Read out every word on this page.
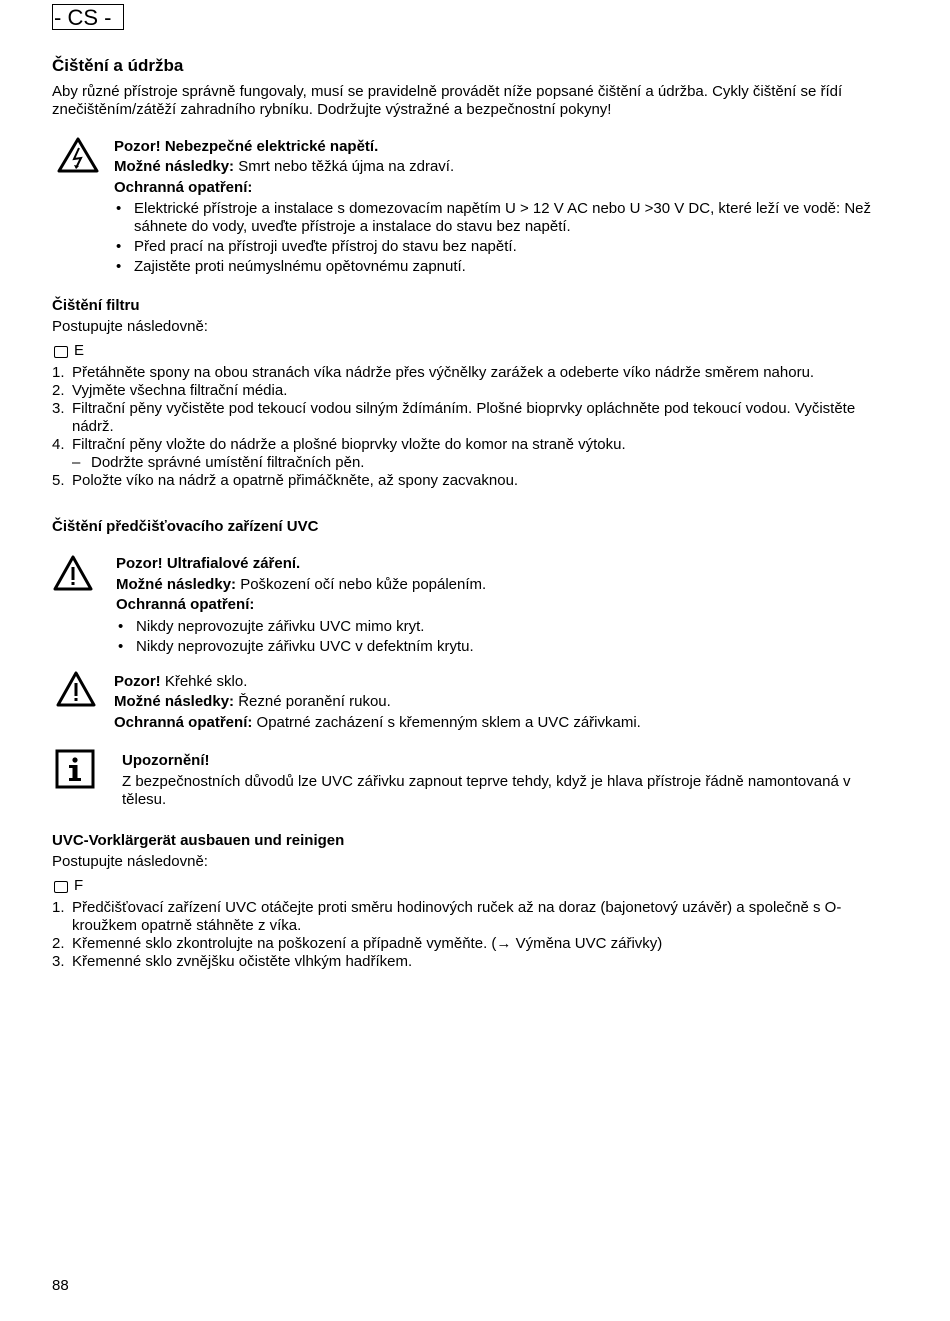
- CS -
Čištění a údržba
Aby různé přístroje správně fungovaly, musí se pravidelně provádět níže popsané čištění a údržba. Cykly čištění se řídí znečištěním/zátěží zahradního rybníku. Dodržujte výstražné a bezpečnostní pokyny!
Pozor! Nebezpečné elektrické napětí.
Možné následky: Smrt nebo těžká újma na zdraví.
Ochranná opatření:
• Elektrické přístroje a instalace s domezovacím napětím U > 12 V AC nebo U >30 V DC, které leží ve vodě: Než sáhnete do vody, uveďte přístroje a instalace do stavu bez napětí.
• Před prací na přístroji uveďte přístroj do stavu bez napětí.
• Zajistěte proti neúmyslnému opětovnému zapnutí.
Čištění filtru
Postupujte následovně:
E
1. Přetáhněte spony na obou stranách víka nádrže přes výčnělky zarážek a odeberte víko nádrže směrem nahoru.
2. Vyjměte všechna filtrační média.
3. Filtrační pěny vyčistěte pod tekoucí vodou silným ždímáním. Plošné bioprvky opláchněte pod tekoucí vodou. Vyčistěte nádrž.
4. Filtrační pěny vložte do nádrže a plošné bioprvky vložte do komor na straně výtoku.
– Dodržte správné umístění filtračních pěn.
5. Položte víko na nádrž a opatrně přimáčkněte, až spony zacvaknou.
Čištění předčišťovacího zařízení UVC
Pozor! Ultrafialové záření.
Možné následky: Poškození očí nebo kůže popálením.
Ochranná opatření:
• Nikdy neprovozujte zářivku UVC mimo kryt.
• Nikdy neprovozujte zářivku UVC v defektním krytu.
Pozor! Křehké sklo.
Možné následky: Řezné poranění rukou.
Ochranná opatření: Opatrné zacházení s křemenným sklem a UVC zářivkami.
Upozornění!
Z bezpečnostních důvodů lze UVC zářivku zapnout teprve tehdy, když je hlava přístroje řádně namontovaná v tělesu.
UVC-Vorklärgerät ausbauen und reinigen
Postupujte následovně:
F
1. Předčišťovací zařízení UVC otáčejte proti směru hodinových ruček až na doraz (bajonetový uzávěr) a společně s O-kroužkem opatrně stáhněte z víka.
2. Křemenné sklo zkontrolujte na poškození a případně vyměňte. (→ Výměna UVC zářivky)
3. Křemenné sklo zvnějšku očistěte vlhkým hadříkem.
88
